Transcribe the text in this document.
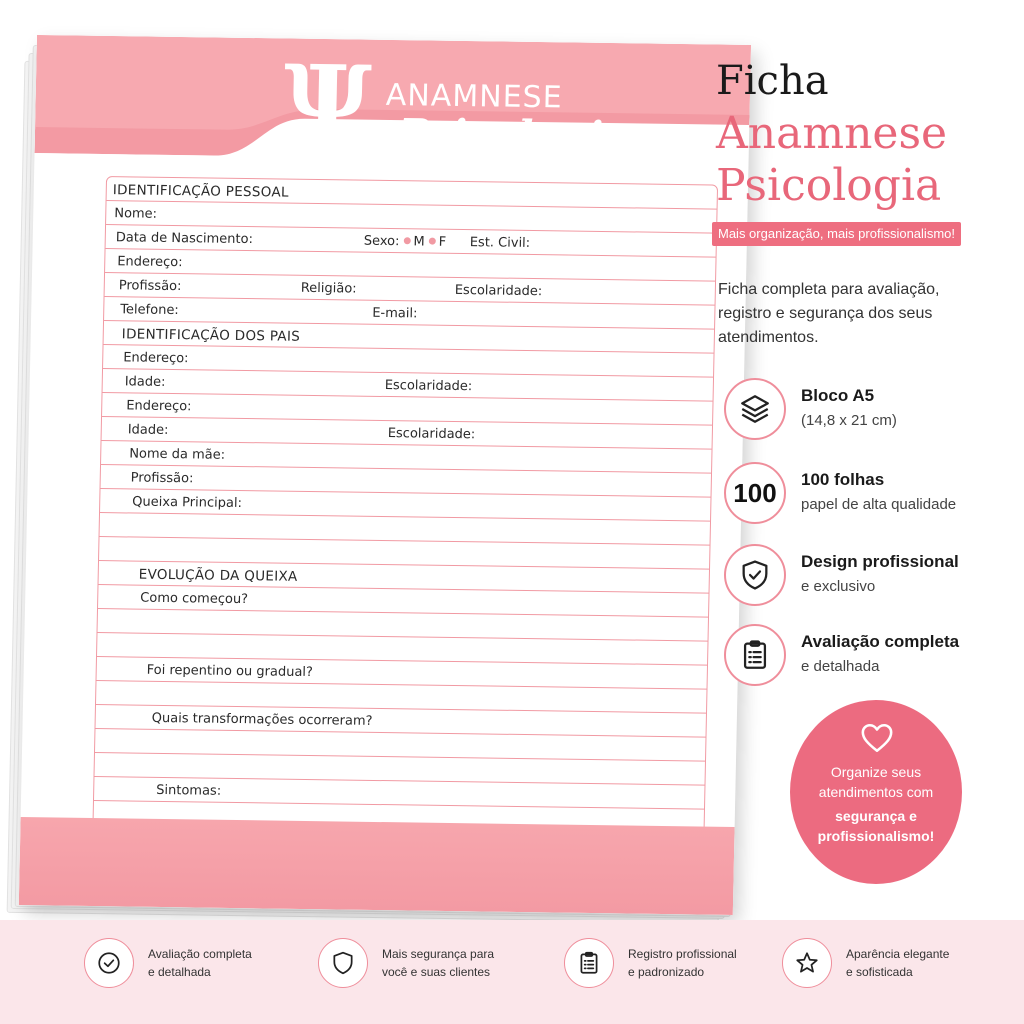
Ψ ANAMNESE
Psicologia
IDENTIFICAÇÃO PESSOAL
Nome:
Data de Nascimento:	Sexo: M F Est. Civil:
Endereço:
Profissão:	Religião:	Escolaridade:
Telefone:	E-mail:
IDENTIFICAÇÃO DOS PAIS
Endereço:
Idade:	Escolaridade:
Endereço:
Idade:	Escolaridade:
Nome da mãe:
Profissão:
Queixa Principal:
EVOLUÇÃO DA QUEIXA
Como começou?
Foi repentino ou gradual?
Quais transformações ocorreram?
Sintomas:
Ficha
Anamnese
Psicologia
Mais organização, mais profissionalismo!
Ficha completa para avaliação,
registro e segurança dos seus
atendimentos.
Bloco A5
(14,8 x 21 cm)
100 100 folhas
papel de alta qualidade
Design profissional
e exclusivo
Avaliação completa
e detalhada
Organize seus
atendimentos com
segurança e
profissionalismo!
Avaliação completa
e detalhada
Mais segurança para
você e suas clientes
Registro profissional
e padronizado
Aparência elegante
e sofisticada
